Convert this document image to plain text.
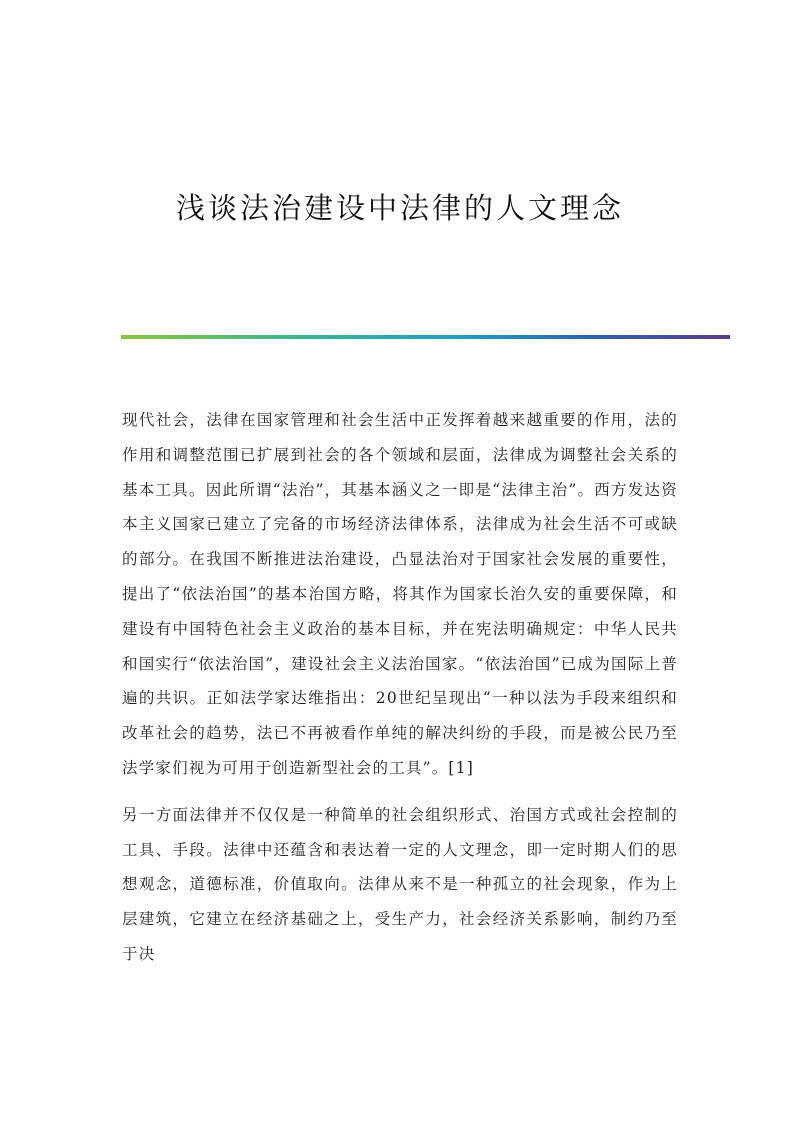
浅谈法治建设中法律的人文理念

现代社会，法律在国家管理和社会生活中正发挥着越来越重要的作用，法的作用和调整范围已扩展到社会的各个领域和层面，法律成为调整社会关系的基本工具。因此所谓“法治”，其基本涵义之一即是“法律主治”。西方发达资本主义国家已建立了完备的市场经济法律体系，法律成为社会生活不可或缺的部分。在我国不断推进法治建设，凸显法治对于国家社会发展的重要性，提出了“依法治国”的基本治国方略，将其作为国家长治久安的重要保障，和建设有中国特色社会主义政治的基本目标，并在宪法明确规定：中华人民共和国实行“依法治国”，建设社会主义法治国家。“依法治国”已成为国际上普遍的共识。正如法学家达维指出：20世纪呈现出“一种以法为手段来组织和改革社会的趋势，法已不再被看作单纯的解决纠纷的手段，而是被公民乃至法学家们视为可用于创造新型社会的工具”。[1]

另一方面法律并不仅仅是一种简单的社会组织形式、治国方式或社会控制的工具、手段。法律中还蕴含和表达着一定的人文理念，即一定时期人们的思想观念，道德标准，价值取向。法律从来不是一种孤立的社会现象，作为上层建筑，它建立在经济基础之上，受生产力，社会经济关系影响，制约乃至于决
